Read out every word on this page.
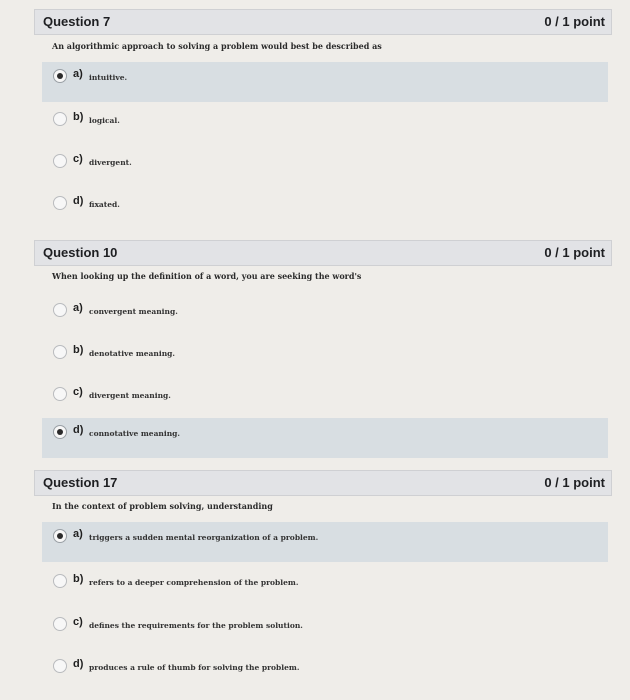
Question 7	0 / 1 point
An algorithmic approach to solving a problem would best be described as
a) intuitive.
b) logical.
c) divergent.
d) fixated.
Question 10	0 / 1 point
When looking up the definition of a word, you are seeking the word's
a) convergent meaning.
b) denotative meaning.
c) divergent meaning.
d) connotative meaning.
Question 17	0 / 1 point
In the context of problem solving, understanding
a) triggers a sudden mental reorganization of a problem.
b) refers to a deeper comprehension of the problem.
c) defines the requirements for the problem solution.
d) produces a rule of thumb for solving the problem.
